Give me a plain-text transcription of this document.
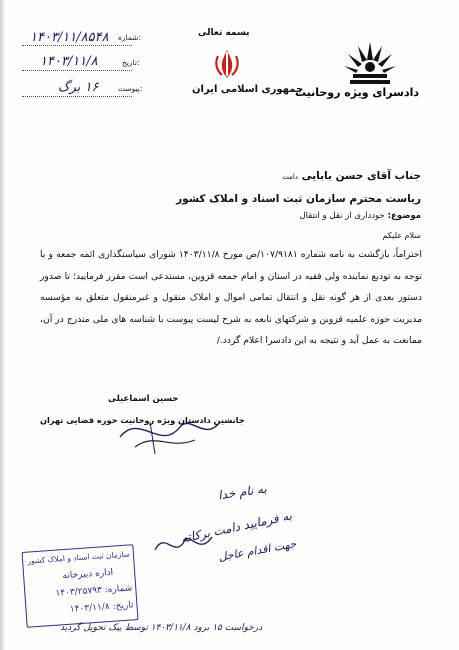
شماره:
۱۴۰۳/۱۱/۸۵۴۸
تاریخ:
۱۴۰۳/۱۱/۸
پیوست:
۱۶ برگ
بسمه تعالی
جمهوری اسلامی ایران
دادسرای ویژه روحانیت
جناب آقای حسن بابایی دامت
ریاست محترم سازمان ثبت اسناد و املاک کشور
موضوع: خودداری از نقل و انتقال
سلام علیکم
احتراماً، بازگشت به نامه شماره ۱۰۷/۹۱۸۱/ص مورخ ۱۴۰۳/۱۱/۸ شورای سیاستگذاری ائمه جمعه و با توجه به تودیع نماینده ولی فقیه در استان و امام جمعه قزوین، مستدعی است مقرر فرمایید؛ تا صدور دستور بعدی از هر گونه نقل و انتقال تمامی اموال و املاک منقول و غیرمنقول متعلق به مؤسسه مدیریت حوزه علمیه قزوین و شرکتهای تابعه به شرح لیست پیوست با شناسه های ملی مندرج در آن، ممانعت به عمل آید و نتیجه به این دادسرا اعلام گردد./
حسین اسماعیلی
جانشین دادستان ویژه روحانیت حوزه قضایی تهران
به نام خدا
به فرمایید دامت برکاته
جهت اقدام عاجل
سازمان ثبت اسناد و املاک کشور
اداره دبیرخانه
شماره: ۱۴۰۳/۲۵۷۹۳
تاریخ: ۱۴۰۳/۱۱/۸
درخواست ۱۵ برود ۱۴۰۳/۱۱/۸ توسط پیک تحویل گردید
